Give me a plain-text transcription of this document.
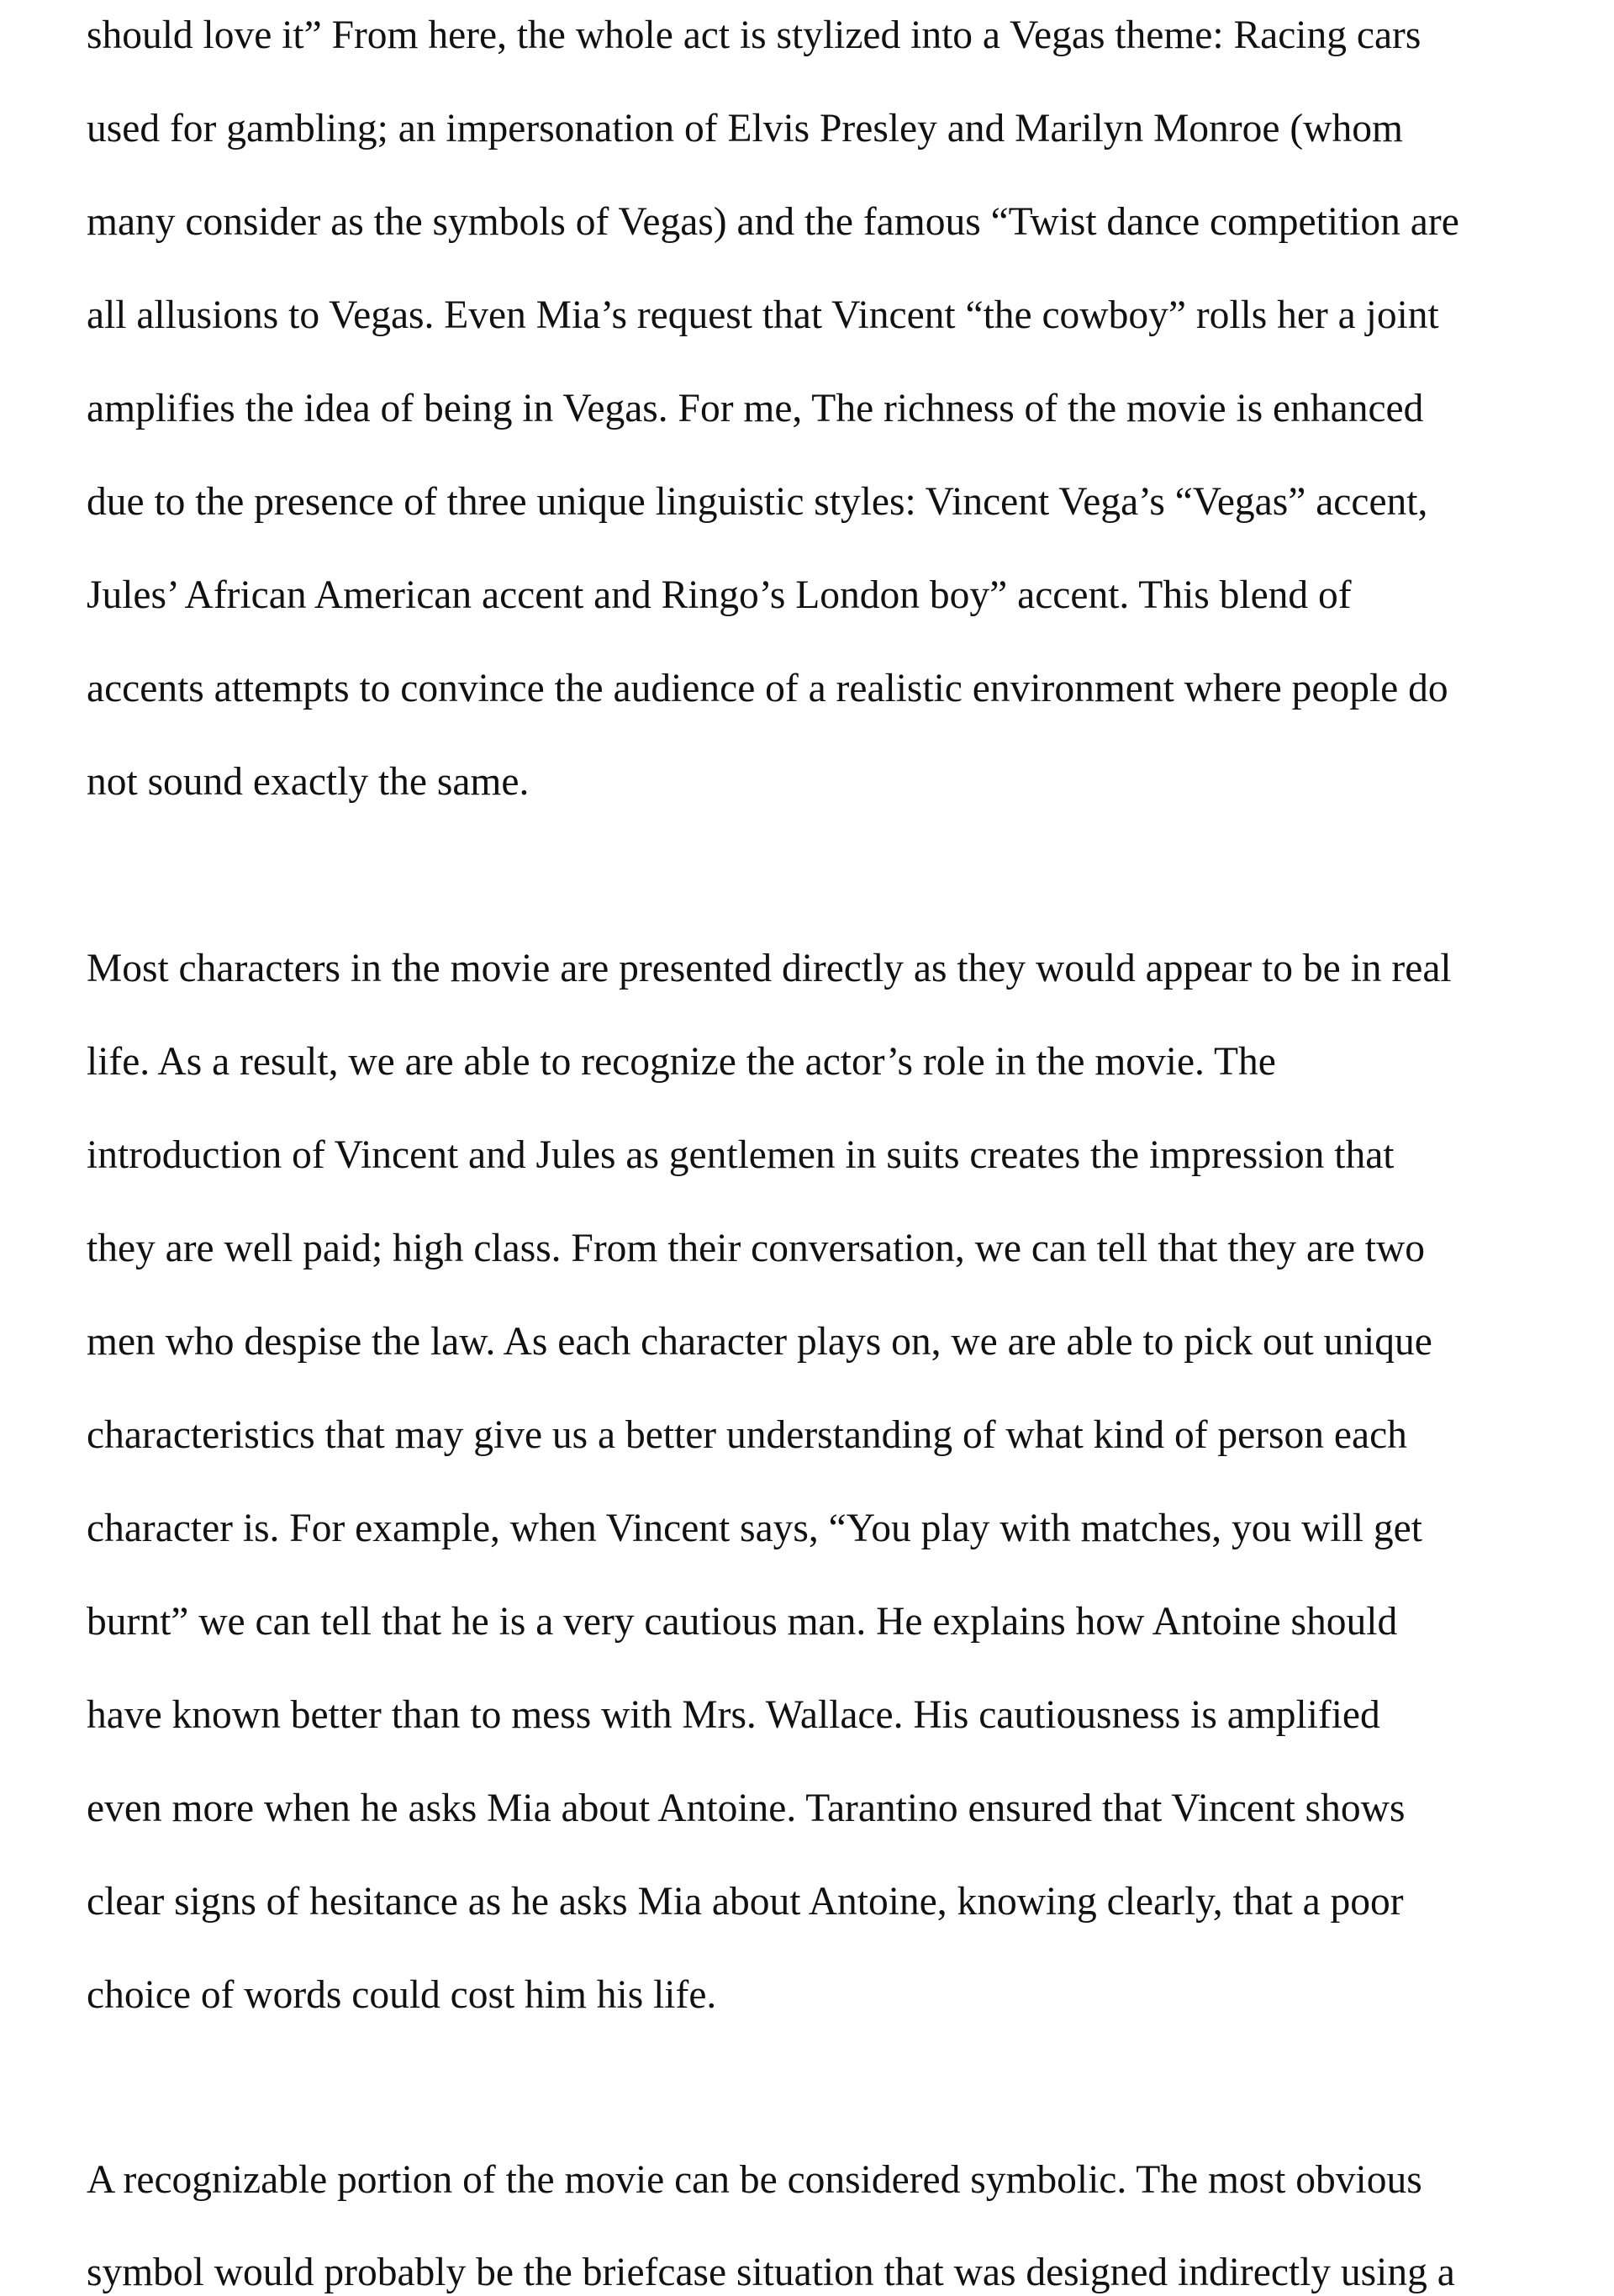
should love it” From here, the whole act is stylized into a Vegas theme: Racing cars
used for gambling; an impersonation of Elvis Presley and Marilyn Monroe (whom
many consider as the symbols of Vegas) and the famous “Twist dance competition are
all allusions to Vegas. Even Mia’s request that Vincent “the cowboy” rolls her a joint
amplifies the idea of being in Vegas. For me, The richness of the movie is enhanced
due to the presence of three unique linguistic styles: Vincent Vega’s “Vegas” accent,
Jules’ African American accent and Ringo’s London boy” accent. This blend of
accents attempts to convince the audience of a realistic environment where people do
not sound exactly the same.
Most characters in the movie are presented directly as they would appear to be in real
life. As a result, we are able to recognize the actor’s role in the movie. The
introduction of Vincent and Jules as gentlemen in suits creates the impression that
they are well paid; high class. From their conversation, we can tell that they are two
men who despise the law. As each character plays on, we are able to pick out unique
characteristics that may give us a better understanding of what kind of person each
character is. For example, when Vincent says, “You play with matches, you will get
burnt” we can tell that he is a very cautious man. He explains how Antoine should
have known better than to mess with Mrs. Wallace. His cautiousness is amplified
even more when he asks Mia about Antoine. Tarantino ensured that Vincent shows
clear signs of hesitance as he asks Mia about Antoine, knowing clearly, that a poor
choice of words could cost him his life.
A recognizable portion of the movie can be considered symbolic. The most obvious
symbol would probably be the briefcase situation that was designed indirectly using a
